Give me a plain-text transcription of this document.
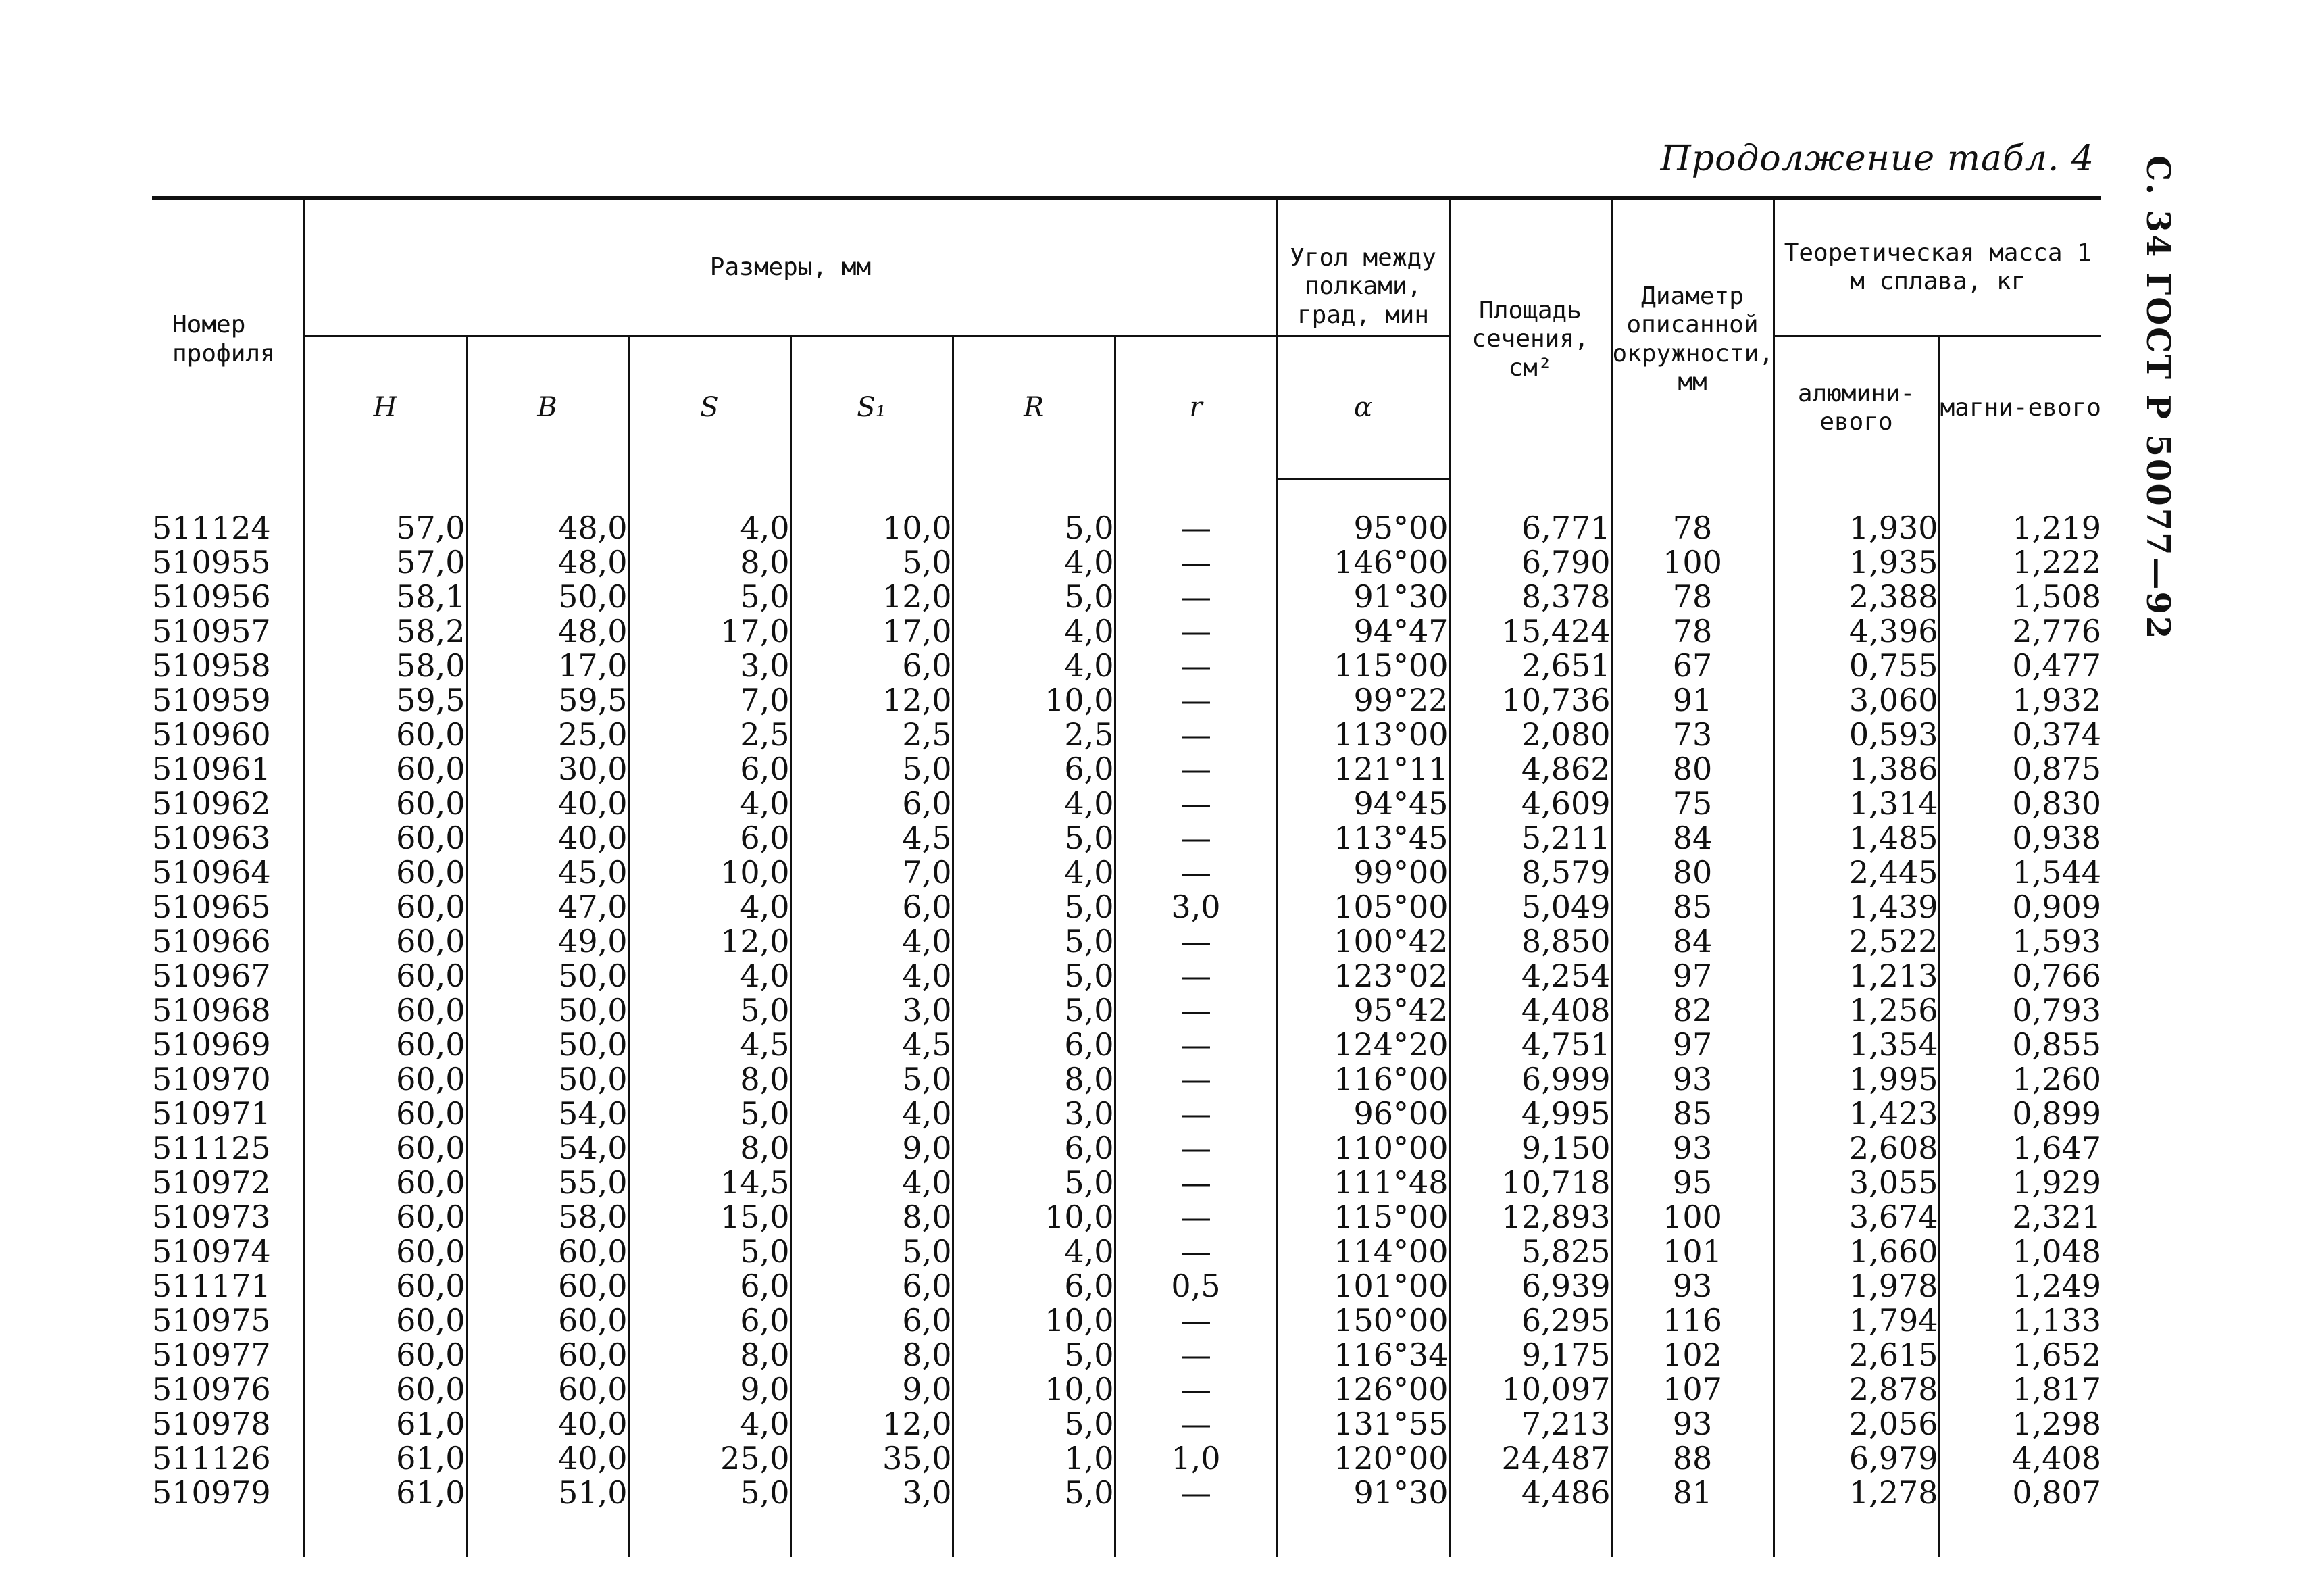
Продолжение табл. 4 С. 34 ГОСТ Р 50077—92
Номер профиля	Размеры, мм						Угол между полками, град, мин	Площадь сечения, см²	Диаметр описанной окружности, мм	Теоретическая масса 1 м сплава, кг	
	H	B	S	S₁	R	r				алюмини-евого	магни-евого
							α				

511124	57,0	48,0	4,0	10,0	5,0	—	95°00	6,771	78	1,930	1,219
510955	57,0	48,0	8,0	5,0	4,0	—	146°00	6,790	100	1,935	1,222
510956	58,1	50,0	5,0	12,0	5,0	—	91°30	8,378	78	2,388	1,508
510957	58,2	48,0	17,0	17,0	4,0	—	94°47	15,424	78	4,396	2,776
510958	58,0	17,0	3,0	6,0	4,0	—	115°00	2,651	67	0,755	0,477
510959	59,5	59,5	7,0	12,0	10,0	—	99°22	10,736	91	3,060	1,932
510960	60,0	25,0	2,5	2,5	2,5	—	113°00	2,080	73	0,593	0,374
510961	60,0	30,0	6,0	5,0	6,0	—	121°11	4,862	80	1,386	0,875
510962	60,0	40,0	4,0	6,0	4,0	—	94°45	4,609	75	1,314	0,830
510963	60,0	40,0	6,0	4,5	5,0	—	113°45	5,211	84	1,485	0,938
510964	60,0	45,0	10,0	7,0	4,0	—	99°00	8,579	80	2,445	1,544
510965	60,0	47,0	4,0	6,0	5,0	3,0	105°00	5,049	85	1,439	0,909
510966	60,0	49,0	12,0	4,0	5,0	—	100°42	8,850	84	2,522	1,593
510967	60,0	50,0	4,0	4,0	5,0	—	123°02	4,254	97	1,213	0,766
510968	60,0	50,0	5,0	3,0	5,0	—	95°42	4,408	82	1,256	0,793
510969	60,0	50,0	4,5	4,5	6,0	—	124°20	4,751	97	1,354	0,855
510970	60,0	50,0	8,0	5,0	8,0	—	116°00	6,999	93	1,995	1,260
510971	60,0	54,0	5,0	4,0	3,0	—	96°00	4,995	85	1,423	0,899
511125	60,0	54,0	8,0	9,0	6,0	—	110°00	9,150	93	2,608	1,647
510972	60,0	55,0	14,5	4,0	5,0	—	111°48	10,718	95	3,055	1,929
510973	60,0	58,0	15,0	8,0	10,0	—	115°00	12,893	100	3,674	2,321
510974	60,0	60,0	5,0	5,0	4,0	—	114°00	5,825	101	1,660	1,048
511171	60,0	60,0	6,0	6,0	6,0	0,5	101°00	6,939	93	1,978	1,249
510975	60,0	60,0	6,0	6,0	10,0	—	150°00	6,295	116	1,794	1,133
510977	60,0	60,0	8,0	8,0	5,0	—	116°34	9,175	102	2,615	1,652
510976	60,0	60,0	9,0	9,0	10,0	—	126°00	10,097	107	2,878	1,817
510978	61,0	40,0	4,0	12,0	5,0	—	131°55	7,213	93	2,056	1,298
511126	61,0	40,0	25,0	35,0	1,0	1,0	120°00	24,487	88	6,979	4,408
510979	61,0	51,0	5,0	3,0	5,0	—	91°30	4,486	81	1,278	0,807
